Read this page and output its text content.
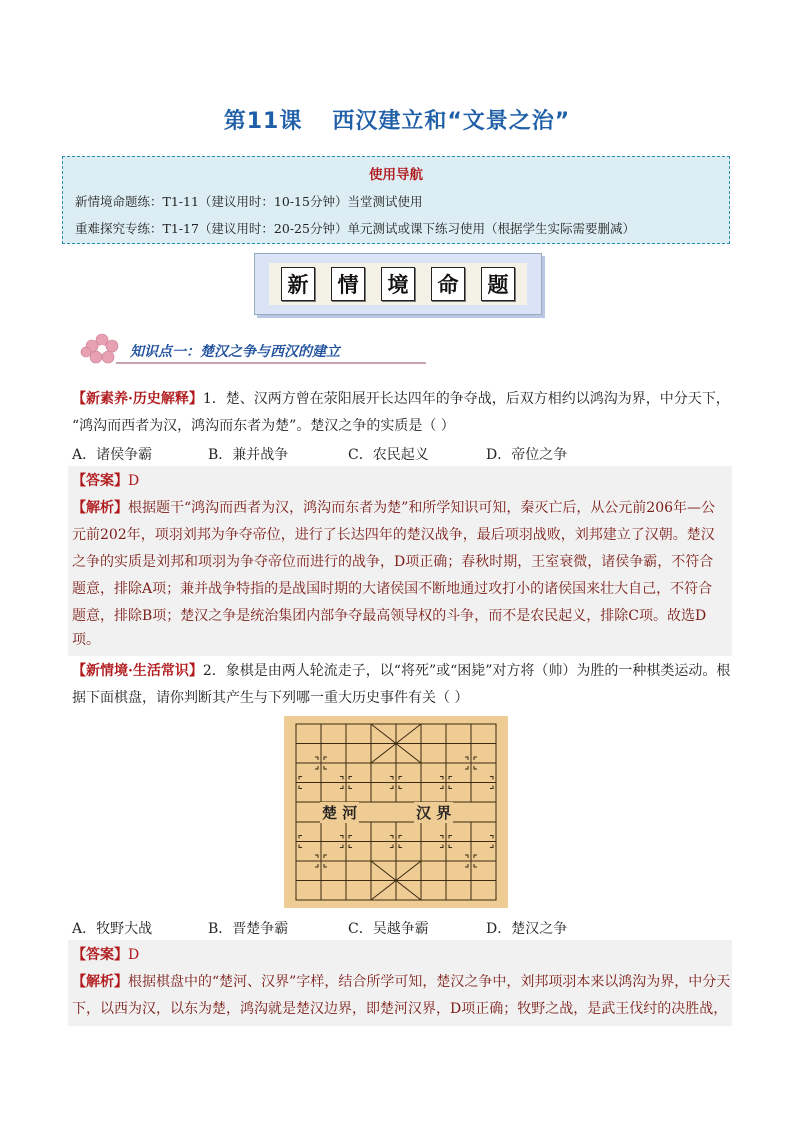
第11课 西汉建立和“文景之治”
使用导航
新情境命题练：T1-11（建议用时：10-15分钟）当堂测试使用
重难探究专练：T1-17（建议用时：20-25分钟）单元测试或课下练习使用（根据学生实际需要删减）
新	情	境	命	题
知识点一：楚汉之争与西汉的建立
【新素养·历史解释】1．楚、汉两方曾在荥阳展开长达四年的争夺战，后双方相约以鸿沟为界，中分天下，
“鸿沟而西者为汉，鸿沟而东者为楚”。楚汉之争的实质是（ ）
A．诸侯争霸	B．兼并战争	C．农民起义	D．帝位之争
【答案】D
【解析】根据题干“鸿沟而西者为汉，鸿沟而东者为楚”和所学知识可知，秦灭亡后，从公元前206年—公
元前202年，项羽刘邦为争夺帝位，进行了长达四年的楚汉战争，最后项羽战败，刘邦建立了汉朝。楚汉
之争的实质是刘邦和项羽为争夺帝位而进行的战争，D项正确；春秋时期，王室衰微，诸侯争霸，不符合
题意，排除A项；兼并战争特指的是战国时期的大诸侯国不断地通过攻打小的诸侯国来壮大自己，不符合
题意，排除B项；楚汉之争是统治集团内部争夺最高领导权的斗争，而不是农民起义，排除C项。故选D
项。
【新情境·生活常识】2．象棋是由两人轮流走子，以“将死”或“困毙”对方将（帅）为胜的一种棋类运动。根
据下面棋盘，请你判断其产生与下列哪一重大历史事件有关（ ）
楚 河	汉 界
A．牧野大战	B．晋楚争霸	C．吴越争霸	D．楚汉之争
【答案】D
【解析】根据棋盘中的“楚河、汉界”字样，结合所学可知，楚汉之争中，刘邦项羽本来以鸿沟为界，中分天
下，以西为汉，以东为楚，鸿沟就是楚汉边界，即楚河汉界，D项正确；牧野之战，是武王伐纣的决胜战，
